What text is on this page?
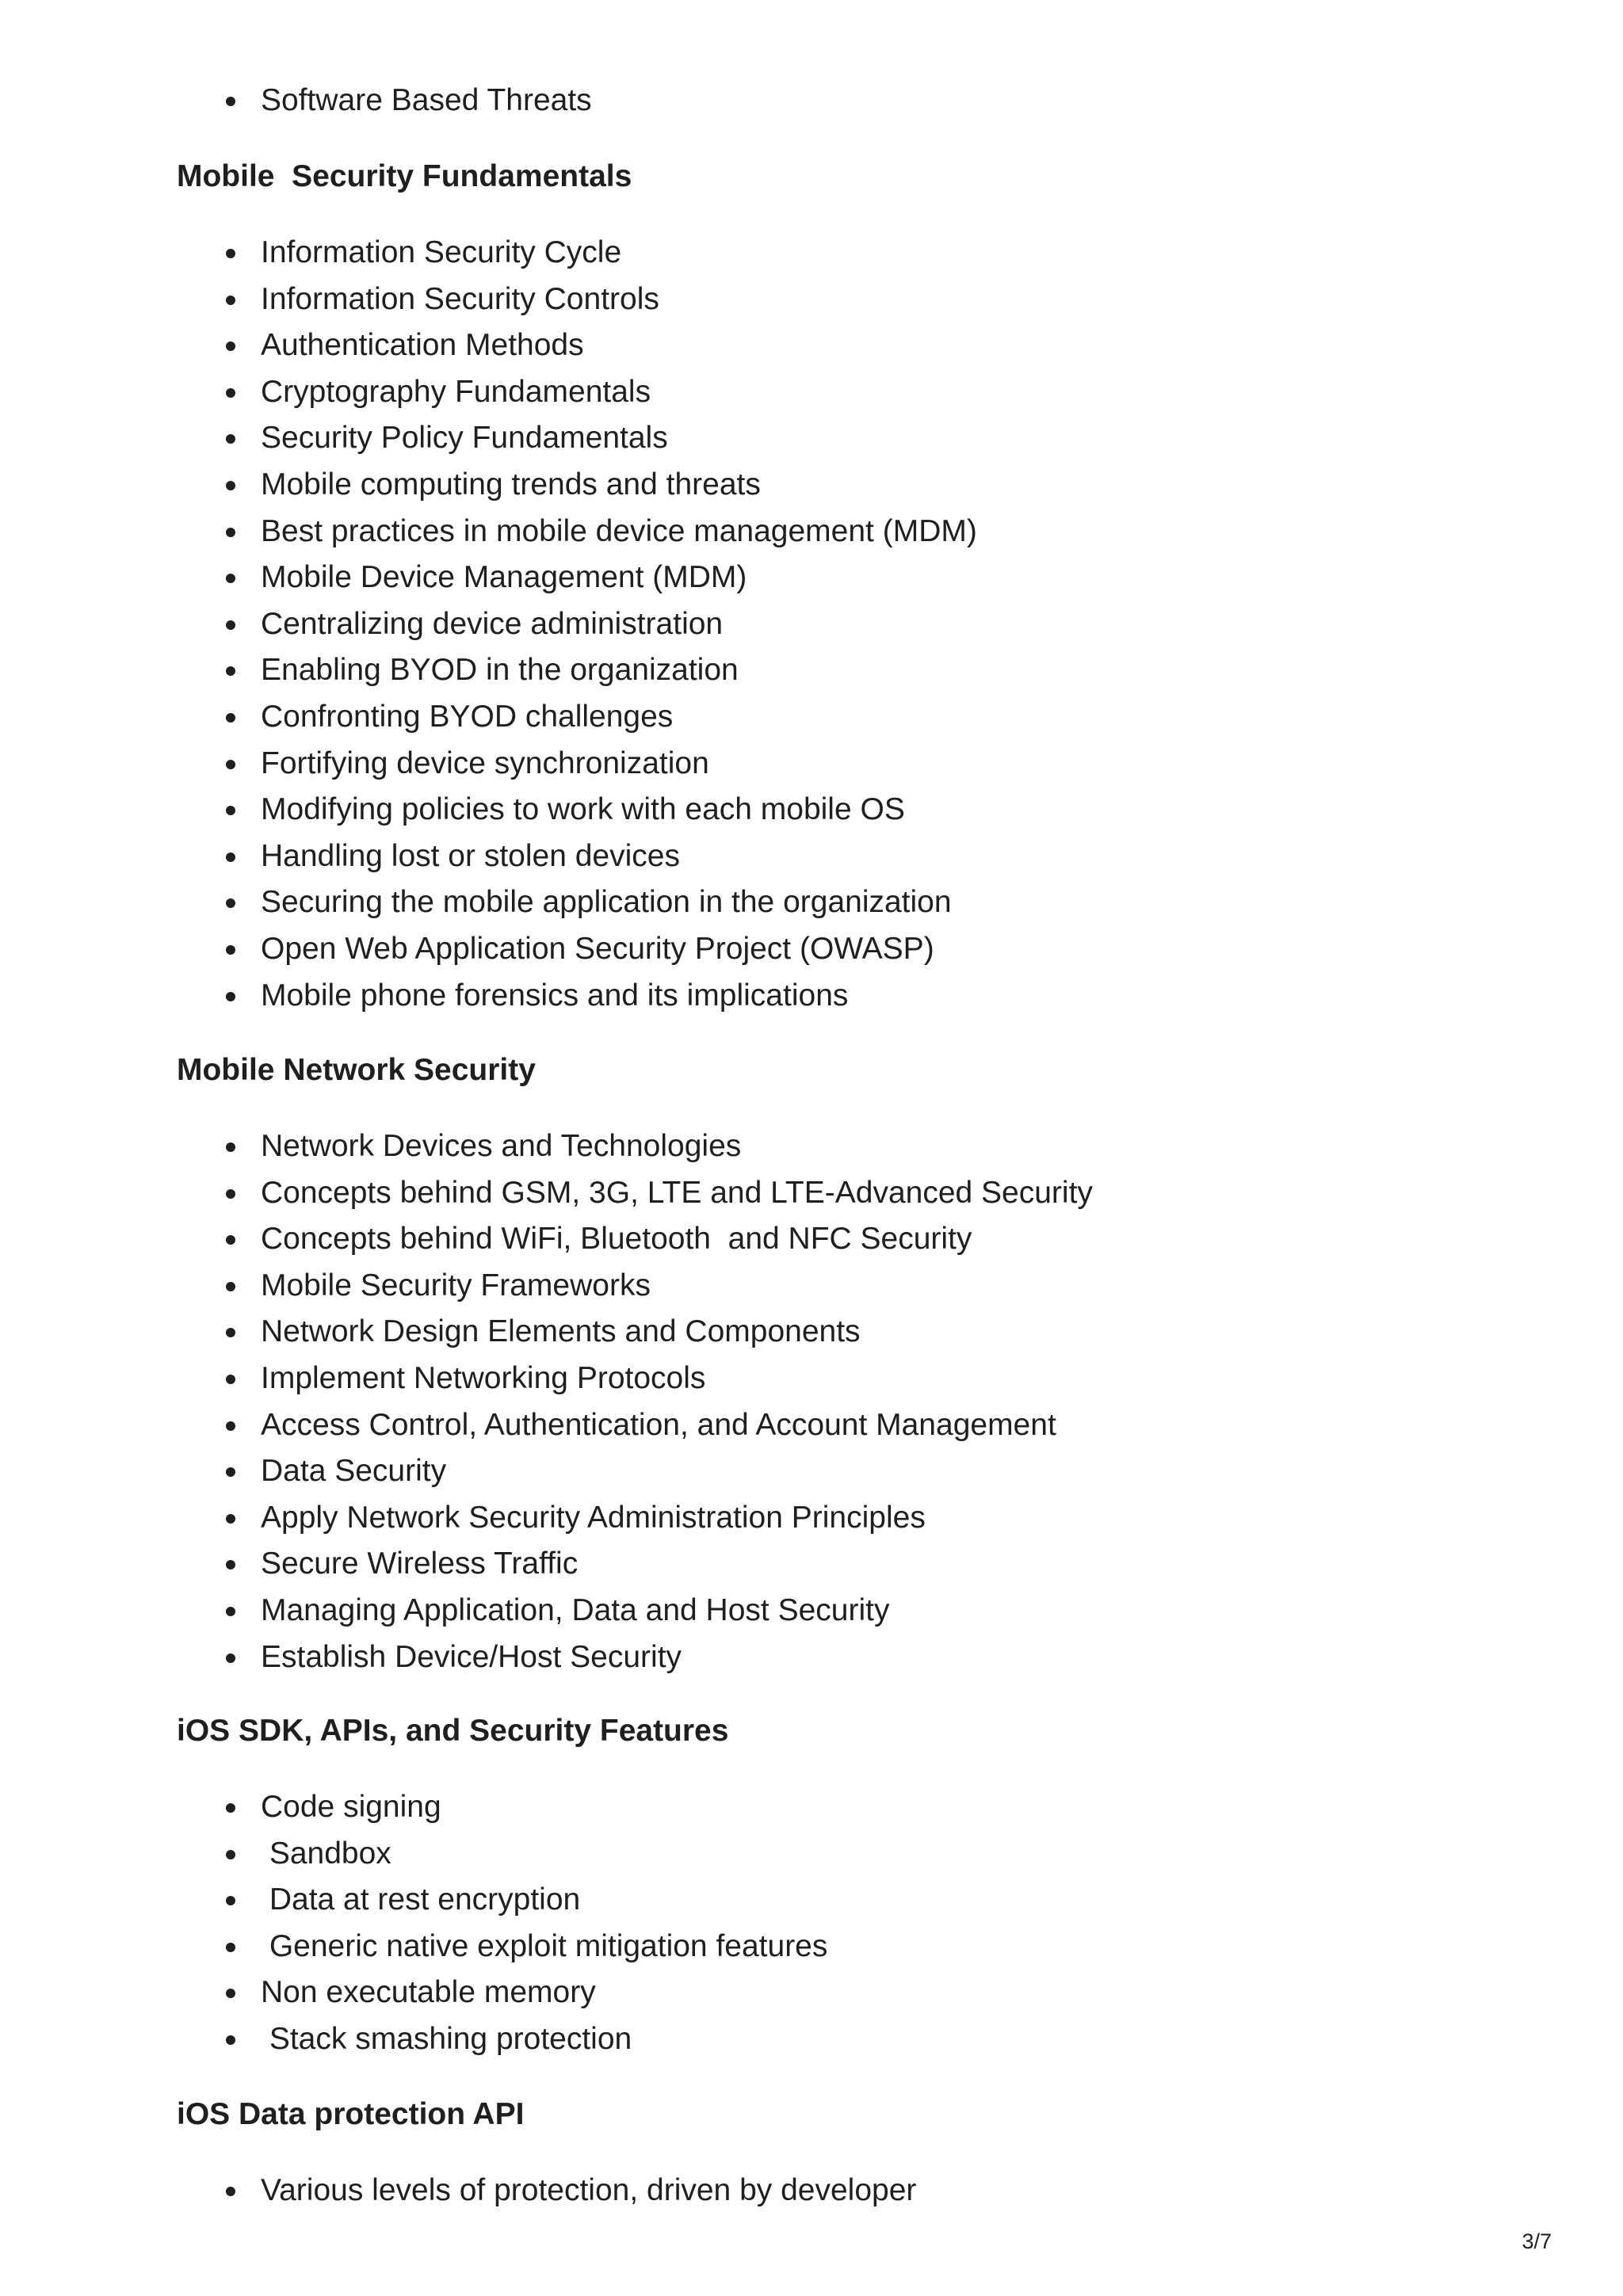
Software Based Threats
Mobile  Security Fundamentals
Information Security Cycle
Information Security Controls
Authentication Methods
Cryptography Fundamentals
Security Policy Fundamentals
Mobile computing trends and threats
Best practices in mobile device management (MDM)
Mobile Device Management (MDM)
Centralizing device administration
Enabling BYOD in the organization
Confronting BYOD challenges
Fortifying device synchronization
Modifying policies to work with each mobile OS
Handling lost or stolen devices
Securing the mobile application in the organization
Open Web Application Security Project (OWASP)
Mobile phone forensics and its implications
Mobile Network Security
Network Devices and Technologies
Concepts behind GSM, 3G, LTE and LTE-Advanced Security
Concepts behind WiFi, Bluetooth  and NFC Security
Mobile Security Frameworks
Network Design Elements and Components
Implement Networking Protocols
Access Control, Authentication, and Account Management
Data Security
Apply Network Security Administration Principles
Secure Wireless Traffic
Managing Application, Data and Host Security
Establish Device/Host Security
iOS SDK, APIs, and Security Features
Code signing
Sandbox
Data at rest encryption
Generic native exploit mitigation features
Non executable memory
Stack smashing protection
iOS Data protection API
Various levels of protection, driven by developer
3/7
